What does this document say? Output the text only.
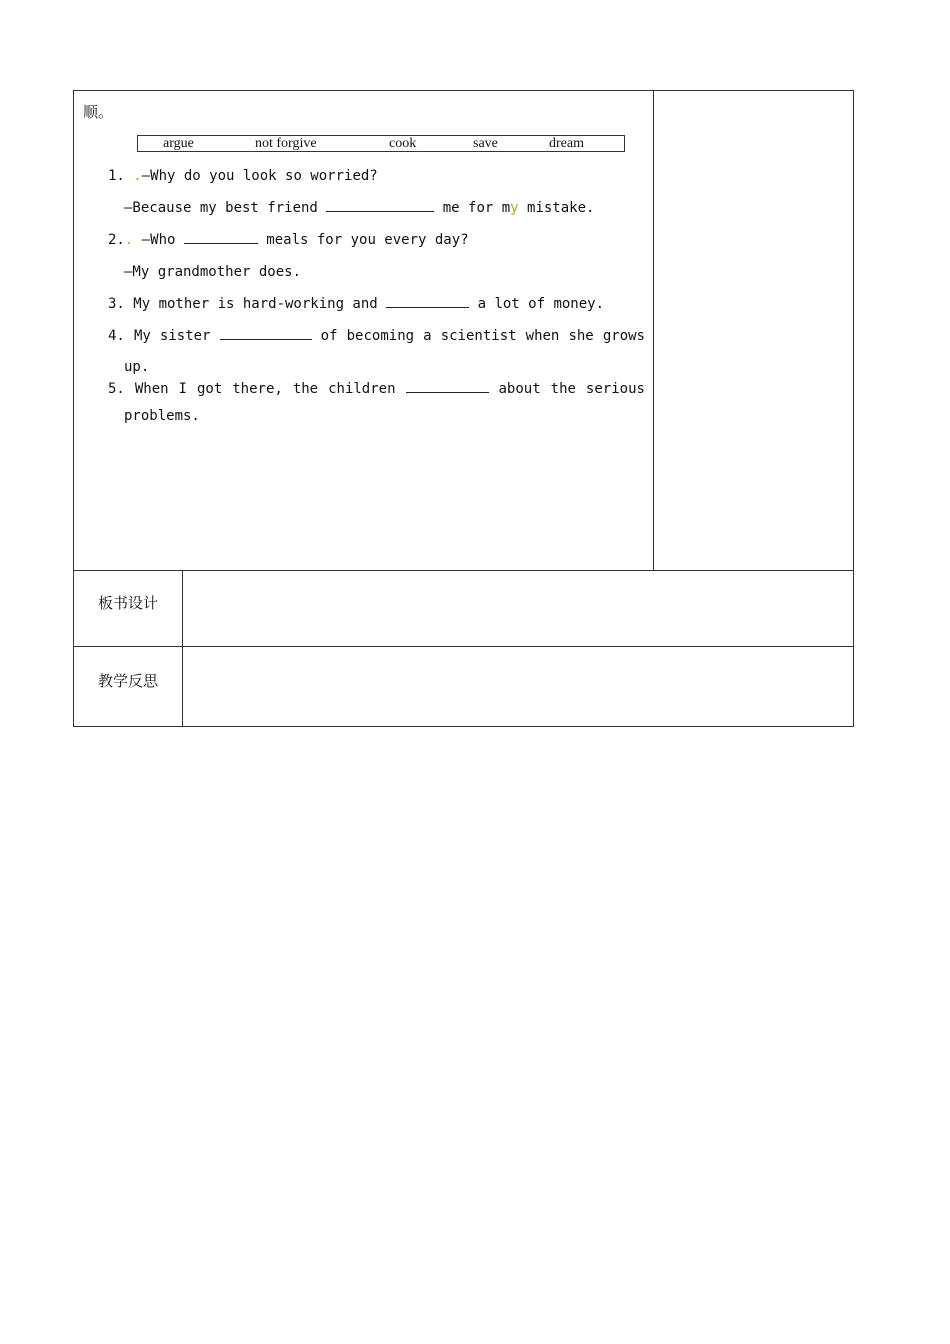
顺。
argue	not forgive	cook	save	dream
1. .—Why do you look so worried?
—Because my best friend	me for my mistake.
2.. —Who	meals for you every day?
—My grandmother does.
3. My mother is hard-working and	a lot of money.
4. My sister	of becoming a scientist when she grows
up.
5. When I got there, the children	about the serious
problems.
板书设计
教学反思
